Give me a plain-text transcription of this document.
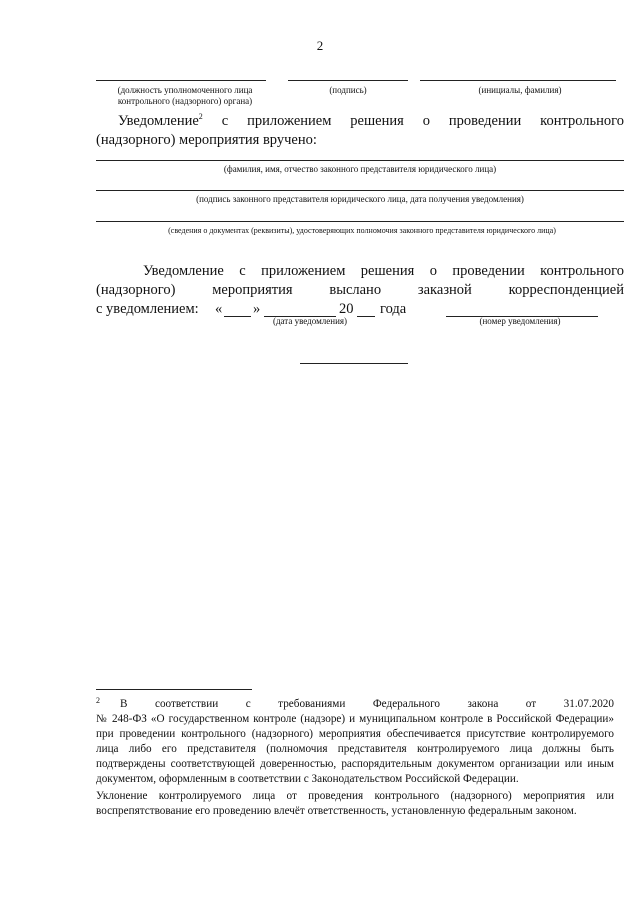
2
(должность уполномоченного лица контрольного (надзорного) органа)
(подпись)	(инициалы, фамилия)
Уведомление$^2$ с приложением решения о проведении контрольного
(надзорного) мероприятия вручено:
(фамилия, имя, отчество законного представителя юридического лица)
(подпись законного представителя юридического лица, дата получения уведомления)
(сведения о документах (реквизиты), удостоверяющих полномочия законного представителя юридического лица)
Уведомление с приложением решения о проведении контрольного
(надзорного) мероприятия выслано заказной корреспонденцией
с уведомлением: « »	20 года
(дата уведомления)	(номер уведомления)
2 В соответствии с требованиями Федерального закона от 31.07.2020
№ 248-ФЗ «О государственном контроле (надзоре) и муниципальном контроле в Российской Федерации» при проведении контрольного (надзорного) мероприятия обеспечивается присутствие контролируемого лица либо его представителя (полномочия представителя контролируемого лица должны быть подтверждены соответствующей доверенностью, распорядительным документом организации или иным документом, оформленным в соответствии с Законодательством Российской Федерации.
Уклонение контролируемого лица от проведения контрольного (надзорного) мероприятия или воспрепятствование его проведению влечёт ответственность, установленную федеральным законом.
